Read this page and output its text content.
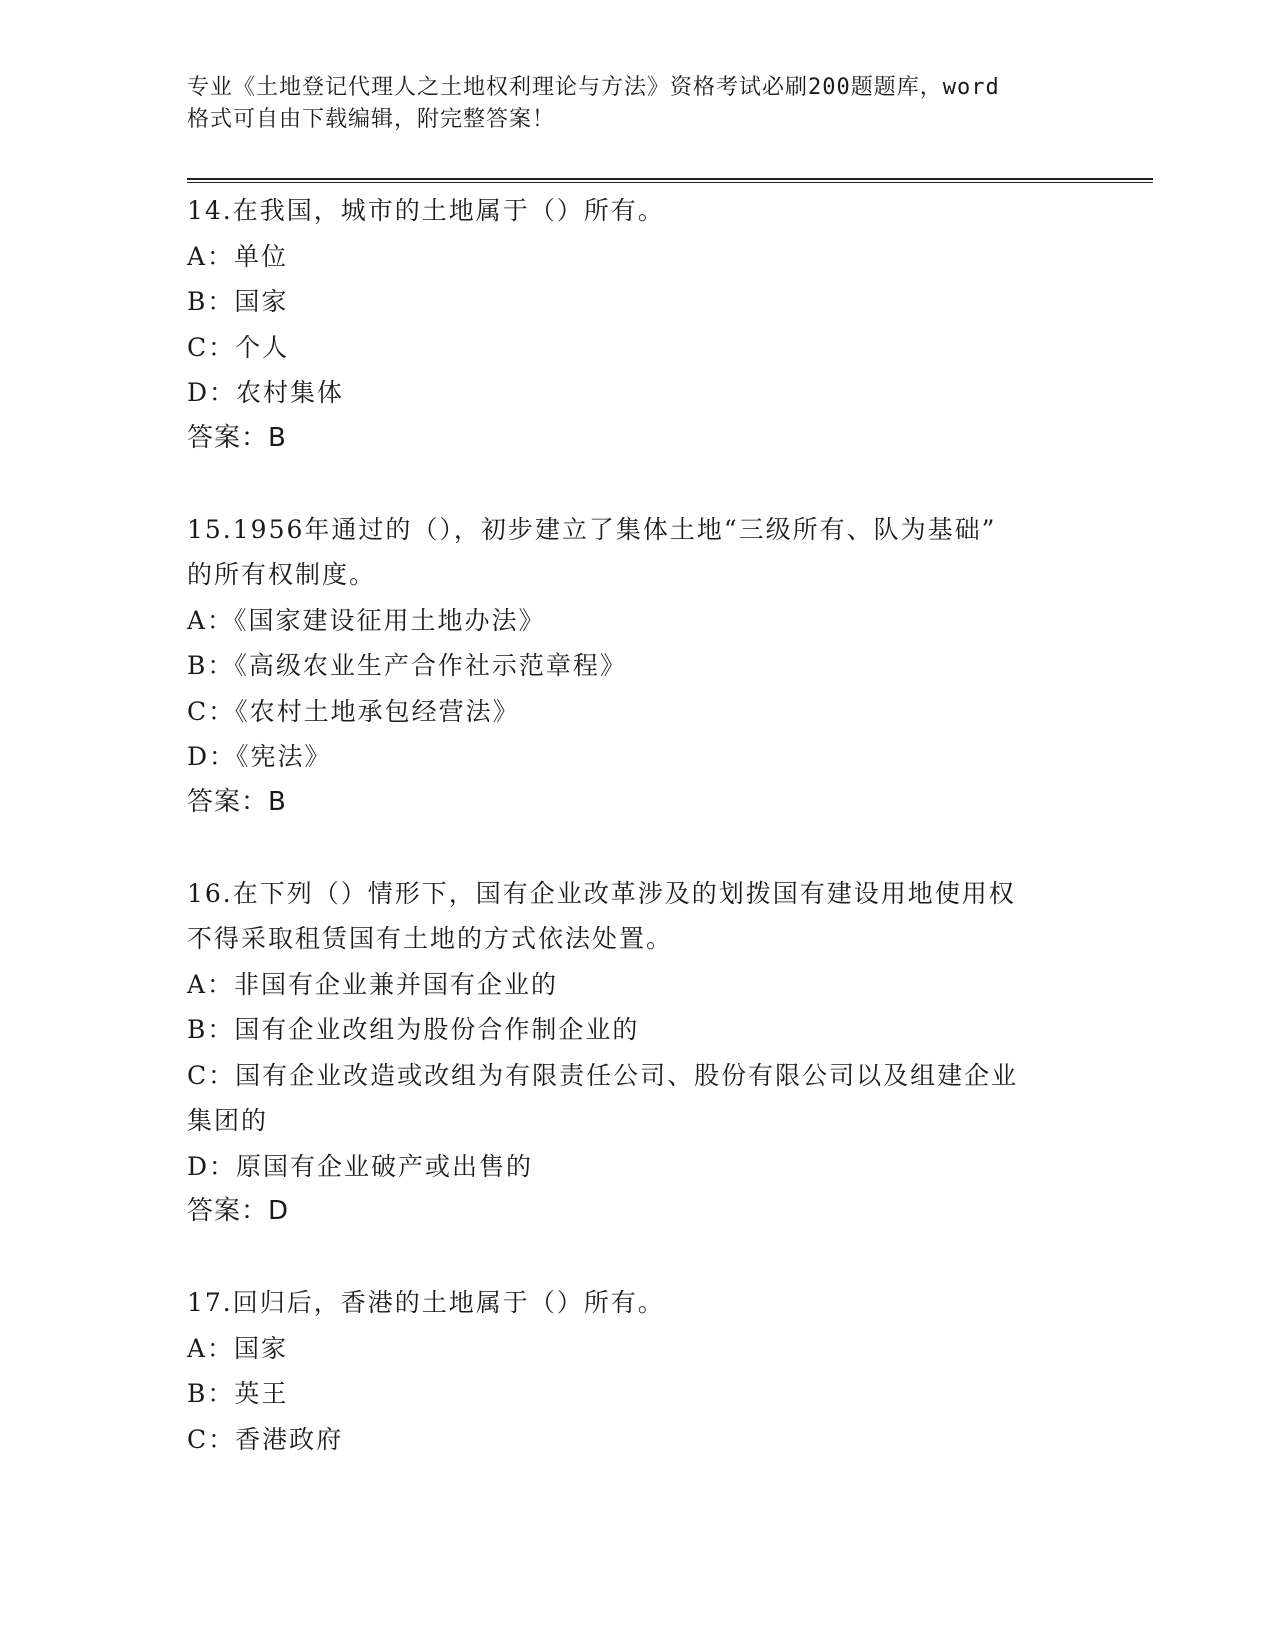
专业《土地登记代理人之土地权利理论与方法》资格考试必刷200题题库，word
格式可自由下载编辑，附完整答案！
14.在我国，城市的土地属于（）所有。
A：单位
B：国家
C：个人
D：农村集体
答案：B
15.1956年通过的（），初步建立了集体土地“三级所有、队为基础”
的所有权制度。
A：《国家建设征用土地办法》
B：《高级农业生产合作社示范章程》
C：《农村土地承包经营法》
D：《宪法》
答案：B
16.在下列（）情形下，国有企业改革涉及的划拨国有建设用地使用权
不得采取租赁国有土地的方式依法处置。
A：非国有企业兼并国有企业的
B：国有企业改组为股份合作制企业的
C：国有企业改造或改组为有限责任公司、股份有限公司以及组建企业
集团的
D：原国有企业破产或出售的
答案：D
17.回归后，香港的土地属于（）所有。
A：国家
B：英王
C：香港政府
